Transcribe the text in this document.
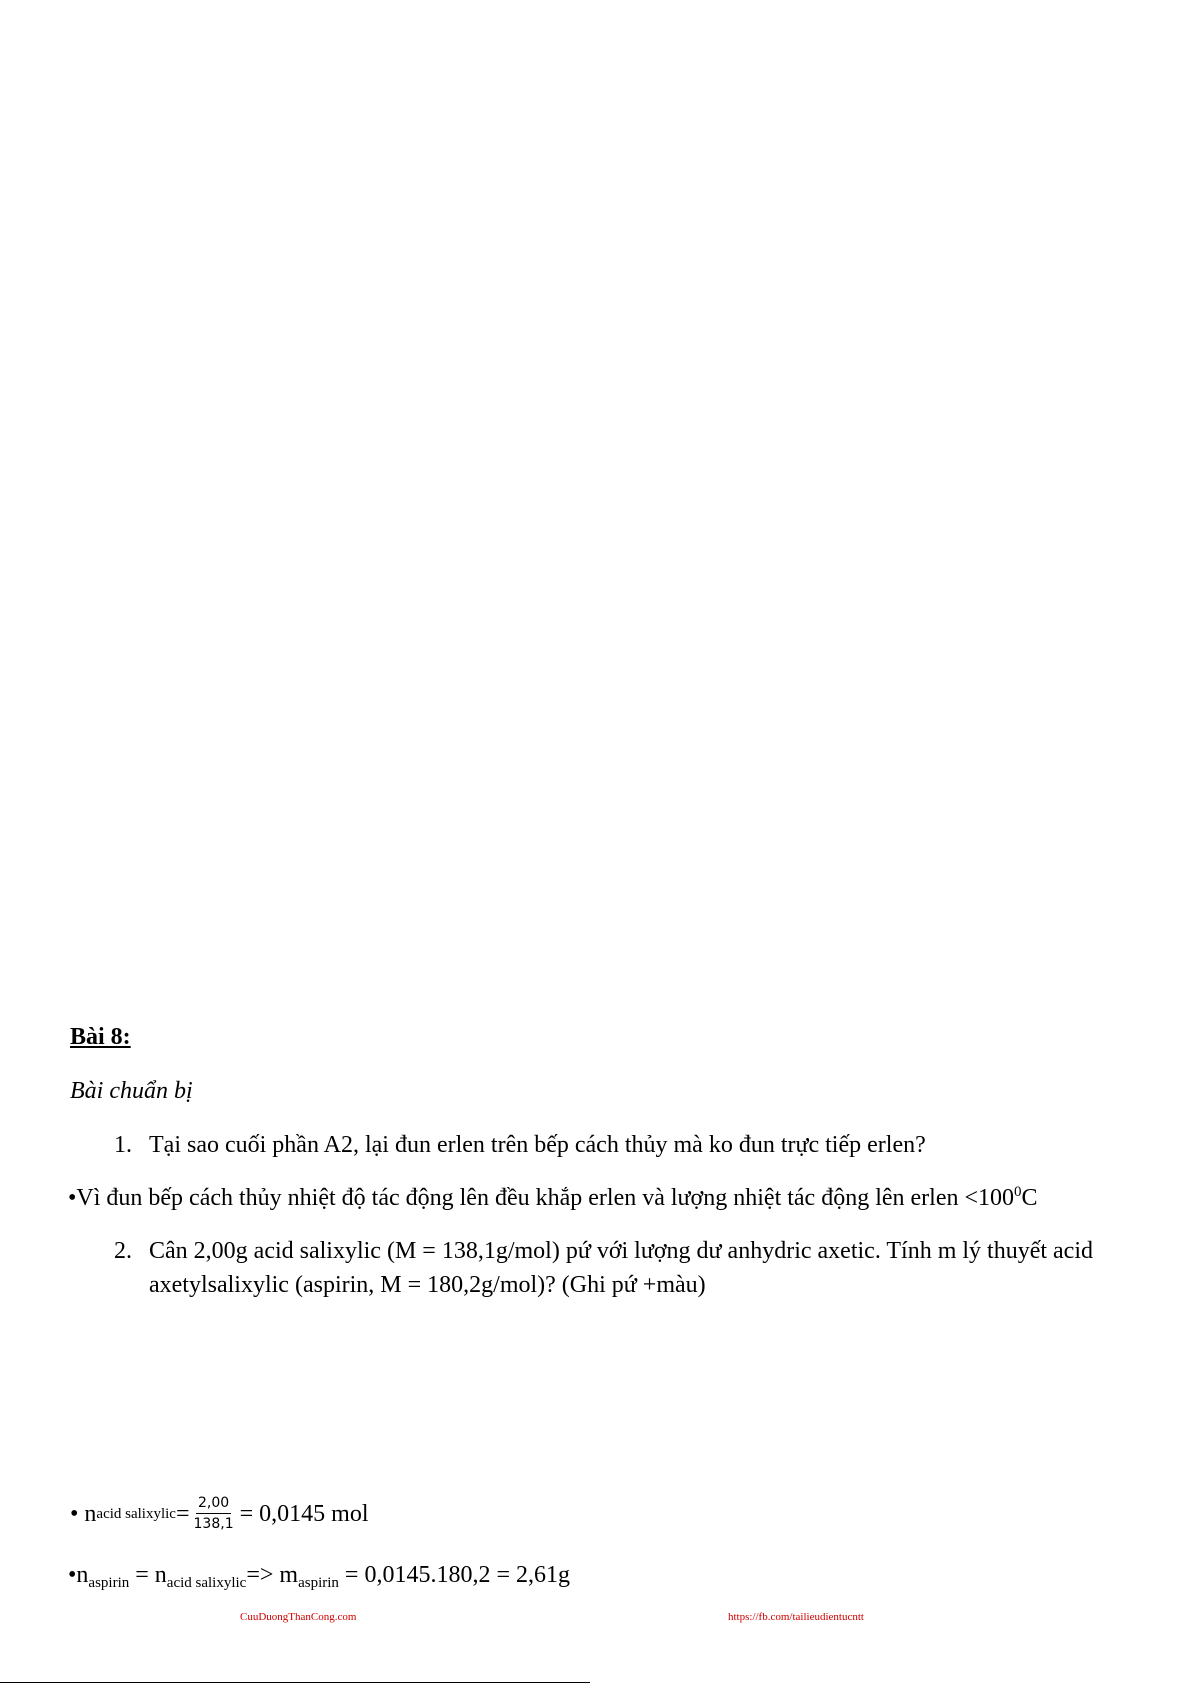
Bài 8:
Bài chuẩn bị
1. Tại sao cuối phần A2, lại đun erlen trên bếp cách thủy mà ko đun trực tiếp erlen?
•Vì đun bếp cách thủy nhiệt độ tác động lên đều khắp erlen và lượng nhiệt tác động lên erlen $<100^0C$
2. Cân 2,00g acid salixylic (M = 138,1g/mol) pứ với lượng dư anhydric axetic. Tính m lý thuyết acid
axetylsalixylic (aspirin, M = 180,2g/mol)? (Ghi pứ +màu)
• n acid salixylic = $\frac{2,00}{138,1} = 0,0145$ mol
$•n_{aspirin} = n_{acid salixylic}=> m_{aspirin} = 0,0145.180,2 = 2,61g$
CuuDuongThanCong.com	https://fb.com/tailieudientucntt
